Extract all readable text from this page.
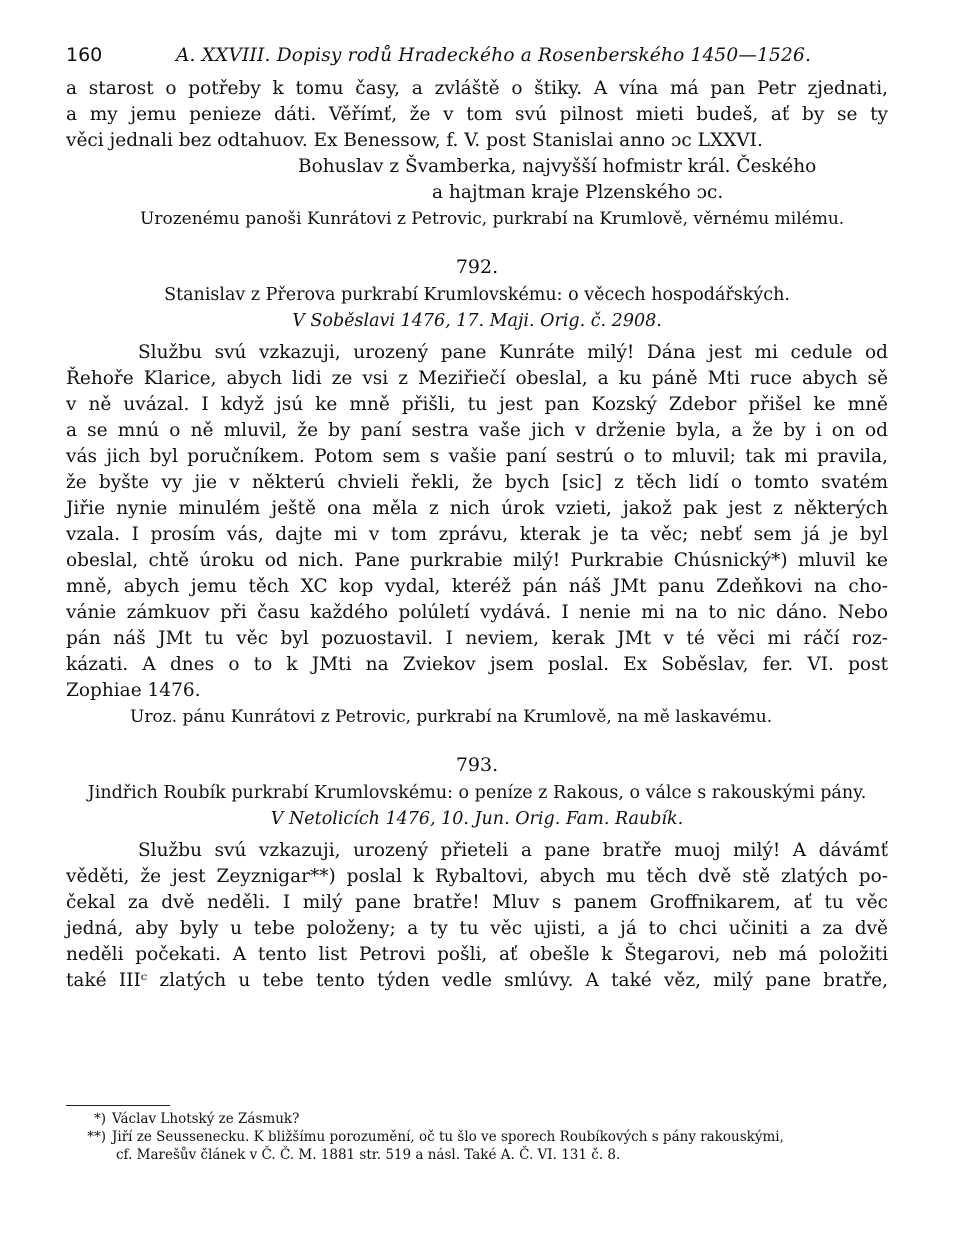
160	A. XXVIII. Dopisy rodů Hradeckého a Rosenberského 1450—1526.
a starost o potřeby k tomu časy, a zvláště o štiky. A vína má pan Petr zjednati,
a my jemu penieze dáti. Věřímť, že v tom svú pilnost mieti budeš, ať by se ty
věci jednali bez odtahuov. Ex Benessow, f. V. post Stanislai anno ɔc LXXVI.
Bohuslav z Švamberka, najvyšší hofmistr král. Českého
a hajtman kraje Plzenského ɔc.
Urozenému panoši Kunrátovi z Petrovic, purkrabí na Krumlově, věrnému milému.
792.
Stanislav z Přerova purkrabí Krumlovskému: o věcech hospodářských.
V Soběslavi 1476, 17. Maji. Orig. č. 2908.
Službu svú vzkazuji, urozený pane Kunráte milý! Dána jest mi cedule od
Řehoře Klarice, abych lidi ze vsi z Meziřiečí obeslal, a ku páně Mti ruce abych sě
v ně uvázal. I když jsú ke mně přišli, tu jest pan Kozský Zdebor přišel ke mně
a se mnú o ně mluvil, že by paní sestra vaše jich v drženie byla, a že by i on od
vás jich byl poručníkem. Potom sem s vašie paní sestrú o to mluvil; tak mi pravila,
že byšte vy jie v některú chvieli řekli, že bych [sic] z těch lidí o tomto svatém
Jiřie nynie minulém ještě ona měla z nich úrok vzieti, jakož pak jest z některých
vzala. I prosím vás, dajte mi v tom zprávu, kterak je ta věc; nebť sem já je byl
obeslal, chtě úroku od nich. Pane purkrabie milý! Purkrabie Chúsnický*) mluvil ke
mně, abych jemu těch XC kop vydal, kteréž pán náš JMt panu Zdeňkovi na cho-
vánie zámkuov při času každého polúletí vydává. I nenie mi na to nic dáno. Nebo
pán náš JMt tu věc byl pozuostavil. I neviem, kerak JMt v té věci mi ráčí roz-
kázati. A dnes o to k JMti na Zviekov jsem poslal. Ex Soběslav, fer. VI. post
Zophiae 1476.
Uroz. pánu Kunrátovi z Petrovic, purkrabí na Krumlově, na mě laskavému.
793.
Jindřich Roubík purkrabí Krumlovskému: o peníze z Rakous, o válce s rakouskými pány.
V Netolicích 1476, 10. Jun. Orig. Fam. Raubík.
Službu svú vzkazuji, urozený přieteli a pane bratře muoj milý! A dávámť
věděti, že jest Zeyznigar**) poslal k Rybaltovi, abych mu těch dvě stě zlatých po-
čekal za dvě neděli. I milý pane bratře! Mluv s panem Groffnikarem, ať tu věc
jedná, aby byly u tebe položeny; a ty tu věc ujisti, a já to chci učiniti a za dvě
neděli počekati. A tento list Petrovi pošli, ať obešle k Štegarovi, neb má položiti
také IIIᶜ zlatých u tebe tento týden vedle smlúvy. A také věz, milý pane bratře,
*) Václav Lhotský ze Zásmuk?
**) Jiří ze Seussenecku. K bližšímu porozumění, oč tu šlo ve sporech Roubíkových s pány rakouskými,
cf. Marešův článek v Č. Č. M. 1881 str. 519 a násl. Také A. Č. VI. 131 č. 8.
